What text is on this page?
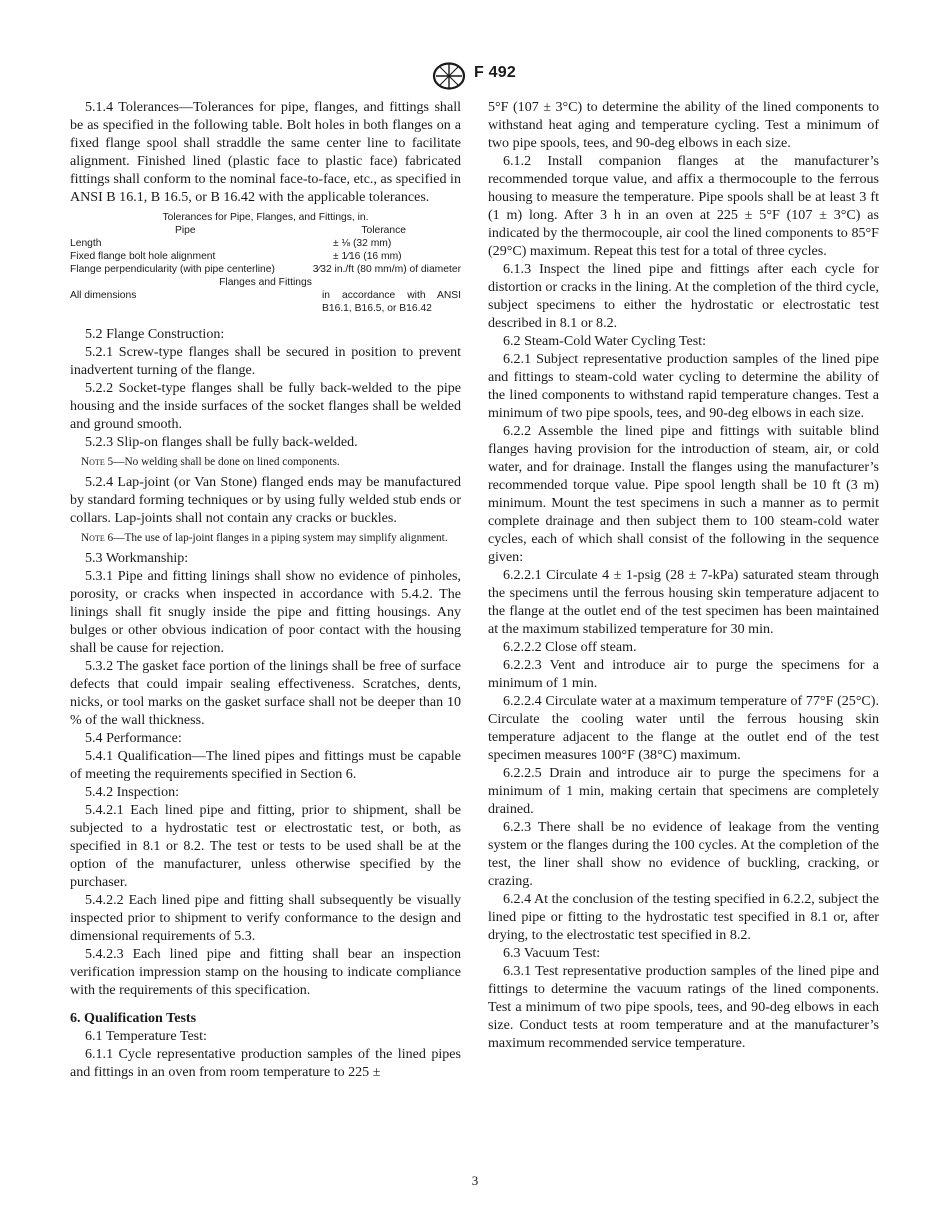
F 492

5.1.4 Tolerances—Tolerances for pipe, flanges, and fittings shall be as specified in the following table. Bolt holes in both flanges on a fixed flange spool shall straddle the same center line to facilitate alignment. Finished lined (plastic face to plastic face) fabricated fittings shall conform to the nominal face-to-face, etc., as specified in ANSI B 16.1, B 16.5, or B 16.42 with the applicable tolerances.

Tolerances for Pipe, Flanges, and Fittings, in.
Pipe	Tolerance
Length	± ⅛ (32 mm)
Fixed flange bolt hole alignment	± 1⁄16 (16 mm)
Flange perpendicularity (with pipe centerline)	3⁄32 in./ft (80 mm/m) of diameter
Flanges and Fittings
All dimensions	in accordance with ANSI B16.1, B16.5, or B16.42

5.2 Flange Construction:

5.2.1 Screw-type flanges shall be secured in position to prevent inadvertent turning of the flange.

5.2.2 Socket-type flanges shall be fully back-welded to the pipe housing and the inside surfaces of the socket flanges shall be welded and ground smooth.

5.2.3 Slip-on flanges shall be fully back-welded.

Note 5—No welding shall be done on lined components.

5.2.4 Lap-joint (or Van Stone) flanged ends may be manufactured by standard forming techniques or by using fully welded stub ends or collars. Lap-joints shall not contain any cracks or buckles.

Note 6—The use of lap-joint flanges in a piping system may simplify alignment.

5.3 Workmanship:

5.3.1 Pipe and fitting linings shall show no evidence of pinholes, porosity, or cracks when inspected in accordance with 5.4.2. The linings shall fit snugly inside the pipe and fitting housings. Any bulges or other obvious indication of poor contact with the housing shall be cause for rejection.

5.3.2 The gasket face portion of the linings shall be free of surface defects that could impair sealing effectiveness. Scratches, dents, nicks, or tool marks on the gasket surface shall not be deeper than 10 % of the wall thickness.

5.4 Performance:

5.4.1 Qualification—The lined pipes and fittings must be capable of meeting the requirements specified in Section 6.

5.4.2 Inspection:

5.4.2.1 Each lined pipe and fitting, prior to shipment, shall be subjected to a hydrostatic test or electrostatic test, or both, as specified in 8.1 or 8.2. The test or tests to be used shall be at the option of the manufacturer, unless otherwise specified by the purchaser.

5.4.2.2 Each lined pipe and fitting shall subsequently be visually inspected prior to shipment to verify conformance to the design and dimensional requirements of 5.3.

5.4.2.3 Each lined pipe and fitting shall bear an inspection verification impression stamp on the housing to indicate compliance with the requirements of this specification.

6. Qualification Tests

6.1 Temperature Test:

6.1.1 Cycle representative production samples of the lined pipes and fittings in an oven from room temperature to 225 ±

5°F (107 ± 3°C) to determine the ability of the lined components to withstand heat aging and temperature cycling. Test a minimum of two pipe spools, tees, and 90-deg elbows in each size.

6.1.2 Install companion flanges at the manufacturer’s recommended torque value, and affix a thermocouple to the ferrous housing to measure the temperature. Pipe spools shall be at least 3 ft (1 m) long. After 3 h in an oven at 225 ± 5°F (107 ± 3°C) as indicated by the thermocouple, air cool the lined components to 85°F (29°C) maximum. Repeat this test for a total of three cycles.

6.1.3 Inspect the lined pipe and fittings after each cycle for distortion or cracks in the lining. At the completion of the third cycle, subject specimens to either the hydrostatic or electrostatic test described in 8.1 or 8.2.

6.2 Steam-Cold Water Cycling Test:

6.2.1 Subject representative production samples of the lined pipe and fittings to steam-cold water cycling to determine the ability of the lined components to withstand rapid temperature changes. Test a minimum of two pipe spools, tees, and 90-deg elbows in each size.

6.2.2 Assemble the lined pipe and fittings with suitable blind flanges having provision for the introduction of steam, air, or cold water, and for drainage. Install the flanges using the manufacturer’s recommended torque value. Pipe spool length shall be 10 ft (3 m) minimum. Mount the test specimens in such a manner as to permit complete drainage and then subject them to 100 steam-cold water cycles, each of which shall consist of the following in the sequence given:

6.2.2.1 Circulate 4 ± 1-psig (28 ± 7-kPa) saturated steam through the specimens until the ferrous housing skin temperature adjacent to the flange at the outlet end of the test specimen has been maintained at the maximum stabilized temperature for 30 min.

6.2.2.2 Close off steam.

6.2.2.3 Vent and introduce air to purge the specimens for a minimum of 1 min.

6.2.2.4 Circulate water at a maximum temperature of 77°F (25°C). Circulate the cooling water until the ferrous housing skin temperature adjacent to the flange at the outlet end of the test specimen measures 100°F (38°C) maximum.

6.2.2.5 Drain and introduce air to purge the specimens for a minimum of 1 min, making certain that specimens are completely drained.

6.2.3 There shall be no evidence of leakage from the venting system or the flanges during the 100 cycles. At the completion of the test, the liner shall show no evidence of buckling, cracking, or crazing.

6.2.4 At the conclusion of the testing specified in 6.2.2, subject the lined pipe or fitting to the hydrostatic test specified in 8.1 or, after drying, to the electrostatic test specified in 8.2.

6.3 Vacuum Test:

6.3.1 Test representative production samples of the lined pipe and fittings to determine the vacuum ratings of the lined components. Test a minimum of two pipe spools, tees, and 90-deg elbows in each size. Conduct tests at room temperature and at the manufacturer’s maximum recommended service temperature.

3
